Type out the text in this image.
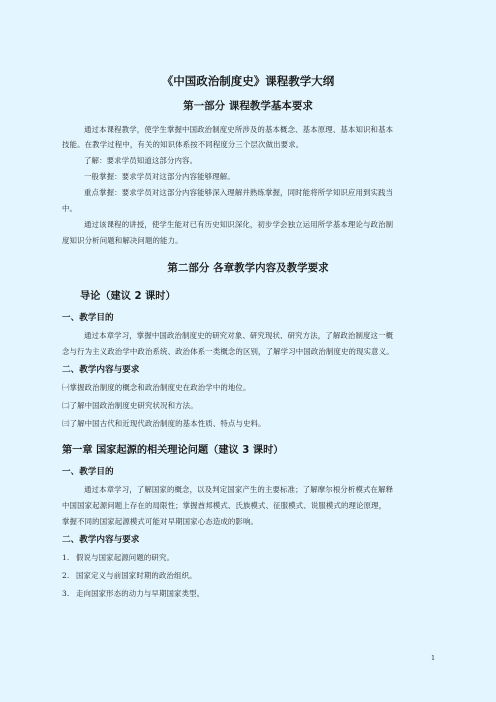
《中国政治制度史》课程教学大纲
第一部分 课程教学基本要求
通过本课程教学，使学生掌握中国政治制度史所涉及的基本概念、基本原理、基本知识和基本
技能。在教学过程中，有关的知识体系按不同程度分三个层次做出要求。
了解：要求学员知道这部分内容。
一般掌握：要求学员对这部分内容能够理解。
重点掌握：要求学员对这部分内容能够深入理解并熟练掌握，同时能将所学知识应用到实践当
中。
通过该课程的讲授，使学生能对已有历史知识深化，初步学会独立运用所学基本理论与政治制
度知识分析问题和解决问题的能力。
第二部分 各章教学内容及教学要求
导论（建议 2 课时）
一、教学目的
通过本章学习，掌握中国政治制度史的研究对象、研究现状、研究方法，了解政治制度这一概
念与行为主义政治学中政治系统、政治体系一类概念的区别，了解学习中国政治制度史的现实意义。
二、教学内容与要求
㈠掌握政治制度的概念和政治制度史在政治学中的地位。
㈡了解中国政治制度史研究状况和方法。
㈢了解中国古代和近现代政治制度的基本性质、特点与史料。
第一章 国家起源的相关理论问题（建议 3 课时）
一、教学目的
通过本章学习，了解国家的概念，以及判定国家产生的主要标准；了解摩尔根分析模式在解释
中国国家起源问题上存在的局限性；掌握酋邦模式、氏族模式、征服模式、说服模式的理论原理，
掌握不同的国家起源模式可能对早期国家心态造成的影响。
二、教学内容与要求
1. 假说与国家起源问题的研究。
2. 国家定义与前国家时期的政治组织。
3. 走向国家形态的动力与早期国家类型。
1
